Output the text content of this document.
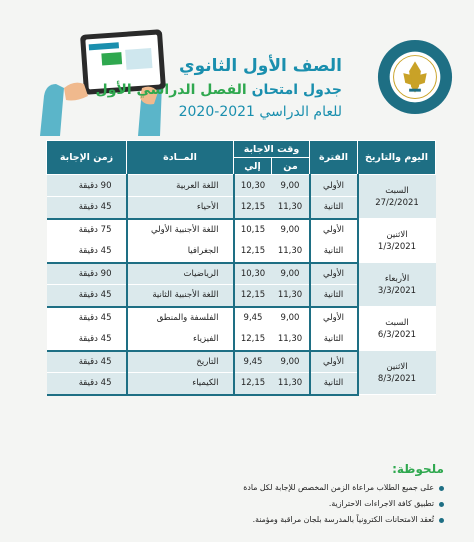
الصف الأول الثانوي
جدول امتحان الفصل الدراسي الأول
للعام الدراسي 2021-2020
اليوم والتاريخ	الفترة	وقت الاجابة		المــادة	زمن الإجابة
		من	إلي		

السبت
27/2/2021	الأولي	9,00	10,30	اللغة العربية	90 دقيقة
	الثانية	11,30	12,15	الأحياء	45 دقيقة

الاثنين
1/3/2021	الأولي	9,00	10,15	اللغة الأجنبية الأولي	75 دقيقة
	الثانية	11,30	12,15	الجغرافيا	45 دقيقة

الأربعاء
3/3/2021	الأولي	9,00	10,30	الرياضيات	90 دقيقة
	الثانية	11,30	12,15	اللغة الأجنبية الثانية	45 دقيقة

السبت
6/3/2021	الأولي	9,00	9,45	الفلسفة والمنطق	45 دقيقة
	الثانية	11,30	12,15	الفيزياء	45 دقيقة

الاثنين
8/3/2021	الأولي	9,00	9,45	التاريخ	45 دقيقة
	الثانية	11,30	12,15	الكيمياء	45 دقيقة
ملحوظة:
على جميع الطلاب مراعاة الزمن المخصص للإجابة لكل مادة
تطبيق كافة الاجراءات الاحترازية.
تُعقد الامتحانات الكترونياً بالمدرسة بلجان مراقبة ومؤمنة.
